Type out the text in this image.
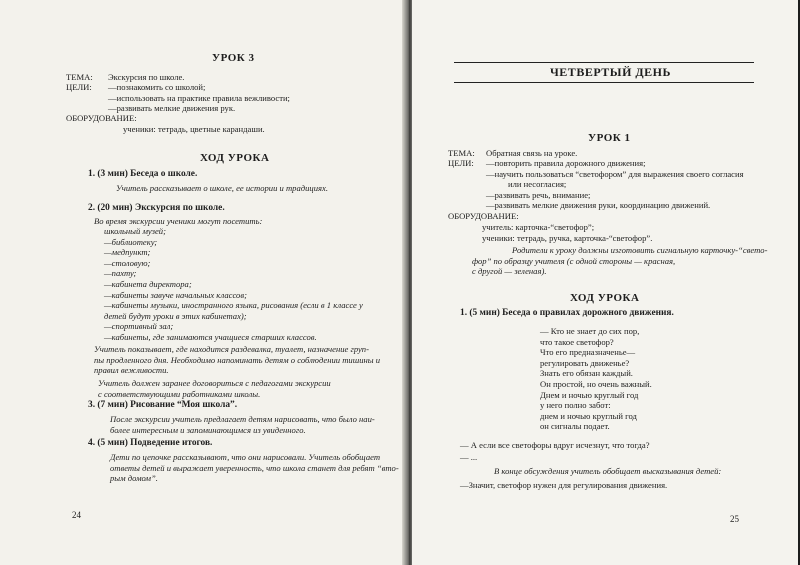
УРОК 3
ТЕМА: Экскурсия по школе.
ЦЕЛИ: —познакомить со школой;
—использовать на практике правила вежливости;
—развивать мелкие движения рук.
ОБОРУДОВАНИЕ:
ученики: тетрадь, цветные карандаши.
ХОД УРОКА
1. (3 мин) Беседа о школе.
Учитель рассказывает о школе, ее истории и традициях.
2. (20 мин) Экскурсия по школе.
Во время экскурсии ученики могут посетить:
школьный музей;
—библиотеку;
—медпункт;
—столовую;
—пахту;
—кабинета директора;
—кабинеты завуче начальных классов;
—кабинеты музыки, иностранного языка, рисования (если в 1 классе у
детей будут уроки в этих кабинетах);
—спортивный зал;
—кабинеты, где занимаются учащиеся старших классов.
Учитель показывает, где находится раздевалка, туалет, назначение груп-
пы продленного дня. Необходимо напоминать детям о соблюдении тишины и
правил вежливости.
Учитель должен заранее договориться с педагогами экскурсии
с соответствующими работниками школы.
3. (7 мин) Рисование “Моя школа”.
После экскурсии учитель предлагает детям нарисовать, что было наи-
более интересным и запоминающимся из увиденного.
4. (5 мин) Подведение итогов.
Дети по цепочке рассказывают, что они нарисовали. Учитель обобщает
ответы детей и выражает уверенность, что школа станет для ребят “вто-
рым домом”.
24
ЧЕТВЕРТЫЙ ДЕНЬ
УРОК 1
ТЕМА: Обратная связь на уроке.
ЦЕЛИ: —повторить правила дорожного движения;
—научить пользоваться “светофором” для выражения своего согласия
или несогласия;
—развивать речь, внимание;
—развивать мелкие движения руки, координацию движений.
ОБОРУДОВАНИЕ:
учитель: карточка-“светофор”;
ученики: тетрадь, ручка, карточка-“светофор”.
Родители к уроку должны изготовить сигнальную карточку-“свето-
фор” по образцу учителя (с одной стороны — красная,
с другой — зеленая).
ХОД УРОКА
1. (5 мин) Беседа о правилах дорожного движения.
— Кто не знает до сих пор,
что такое светофор?
Что его предназначенье—
регулировать движенье?
Знать его обязан каждый.
Он простой, но очень важный.
Днем и ночью круглый год
у него полно забот:
днем и ночью круглый год
он сигналы подает.
— А если все светофоры вдруг исчезнут, что тогда?
— ...
В конце обсуждения учитель обобщает высказывания детей:
—Значит, светофор нужен для регулирования движения.
25
